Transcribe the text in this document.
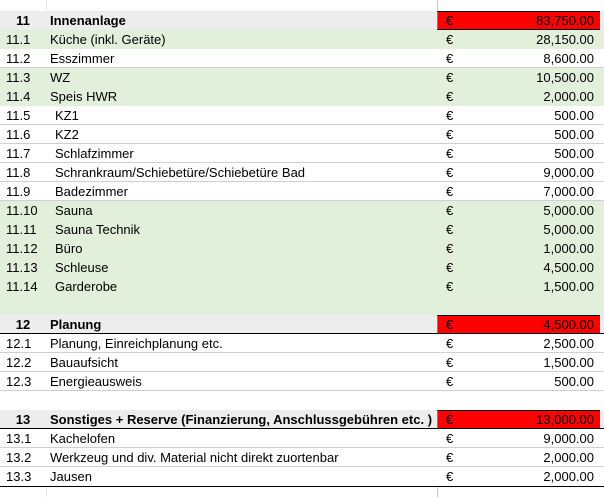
11	Innenanlage	€	83,750.00
11.1	Küche (inkl. Geräte)	€	28,150.00
11.2	Esszimmer	€	8,600.00
11.3	WZ	€	10,500.00
11.4	Speis HWR	€	2,000.00
11.5	KZ1	€	500.00
11.6	KZ2	€	500.00
11.7	Schlafzimmer	€	500.00
11.8	Schrankraum/Schiebetüre/Schiebetüre Bad	€	9,000.00
11.9	Badezimmer	€	7,000.00
11.10	Sauna	€	5,000.00
11.11	Sauna Technik	€	5,000.00
11.12	Büro	€	1,000.00
11.13	Schleuse	€	4,500.00
11.14	Garderobe	€	1,500.00
12	Planung	€	4,500.00
12.1	Planung, Einreichplanung etc.	€	2,500.00
12.2	Bauaufsicht	€	1,500.00
12.3	Energieausweis	€	500.00
13	Sonstiges + Reserve (Finanzierung, Anschlussgebühren etc. )	€	13,000.00
13.1	Kachelofen	€	9,000.00
13.2	Werkzeug und div. Material nicht direkt zuortenbar	€	2,000.00
13.3	Jausen	€	2,000.00
